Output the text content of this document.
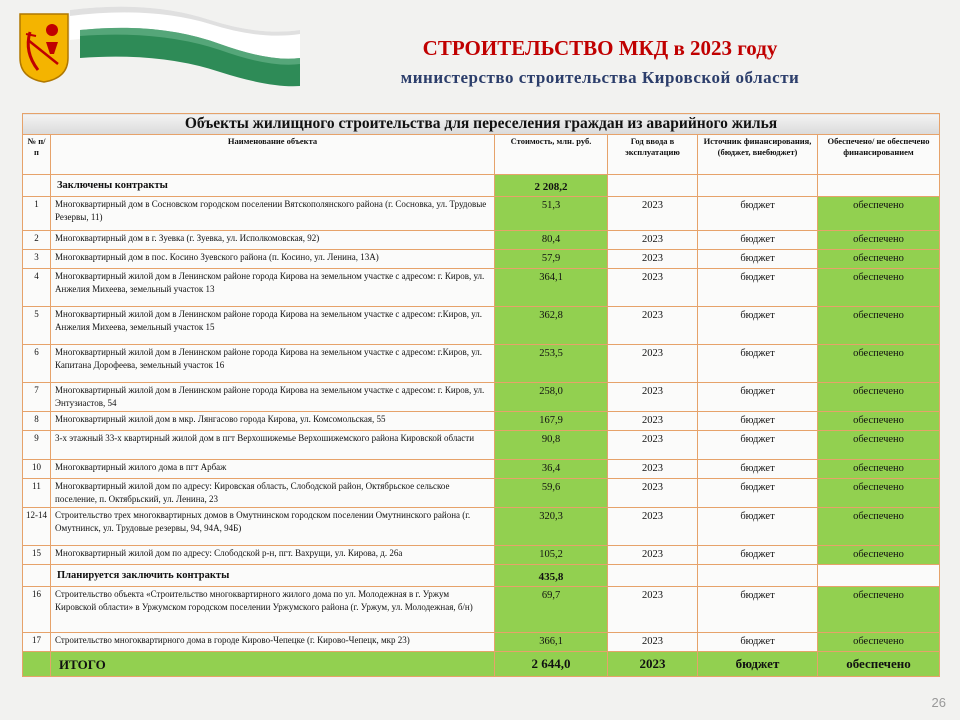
СТРОИТЕЛЬСТВО МКД в 2023 году
министерство строительства Кировской области
Объекты жилищного строительства для переселения граждан из аварийного жилья					
№ п/п	Наименование объекта	Стоимость, млн. руб.	Год ввода в эксплуатацию	Источник финансирования, (бюджет, внебюджет)	Обеспечено/ не обеспечено финансированием
	Заключены контракты	2 208,2			
1	Многоквартирный дом в Сосновском городском поселении Вятскополянского района (г. Сосновка, ул. Трудовые Резервы, 11)	51,3	2023	бюджет	обеспечено
2	Многоквартирный дом в г. Зуевка (г. Зуевка, ул. Исполкомовская, 92)	80,4	2023	бюджет	обеспечено
3	Многоквартирный дом в пос. Косино Зуевского района (п. Косино, ул. Ленина, 13А)	57,9	2023	бюджет	обеспечено
4	Многоквартирный жилой дом в Ленинском районе города Кирова на земельном участке с адресом: г. Киров, ул. Анжелия Михеева, земельный участок 13	364,1	2023	бюджет	обеспечено
5	Многоквартирный жилой дом в Ленинском районе города Кирова на земельном участке с адресом: г.Киров, ул. Анжелия Михеева, земельный участок 15	362,8	2023	бюджет	обеспечено
6	Многоквартирный жилой дом в Ленинском районе города Кирова на земельном участке с адресом: г.Киров, ул. Капитана Дорофеева, земельный участок 16	253,5	2023	бюджет	обеспечено
7	Многоквартирный жилой дом в Ленинском районе города Кирова на земельном участке с адресом: г. Киров, ул. Энтузиастов, 54	258,0	2023	бюджет	обеспечено
8	Многоквартирный жилой дом в мкр. Лянгасово города Кирова, ул. Комсомольская, 55	167,9	2023	бюджет	обеспечено
9	3-х этажный 33-х квартирный жилой дом в пгт Верхошижемье Верхошижемского района Кировской области	90,8	2023	бюджет	обеспечено
10	Многоквартирный жилого дома в пгт Арбаж	36,4	2023	бюджет	обеспечено
11	Многоквартирный жилой дом по адресу: Кировская область, Слободской район, Октябрьское сельское поселение, п. Октябрьский, ул. Ленина, 23	59,6	2023	бюджет	обеспечено
12-14	Строительство трех многоквартирных домов в Омутнинском городском поселении Омутнинского района (г. Омутнинск, ул. Трудовые резервы, 94, 94А, 94Б)	320,3	2023	бюджет	обеспечено
15	Многоквартирный жилой дом по адресу: Слободской р-н, пгт. Вахрущи, ул. Кирова, д. 26а	105,2	2023	бюджет	обеспечено
	Планируется заключить контракты	435,8			
16	Строительство объекта «Строительство многоквартирного жилого дома по ул. Молодежная в г. Уржум Кировской области» в Уржумском городском поселении Уржумского района (г. Уржум, ул. Молодежная, б/н)	69,7	2023	бюджет	обеспечено
17	Строительство многоквартирного дома в городе Кирово-Чепецке (г. Кирово-Чепецк, мкр 23)	366,1	2023	бюджет	обеспечено
	ИТОГО	2 644,0	2023	бюджет	обеспечено
26
